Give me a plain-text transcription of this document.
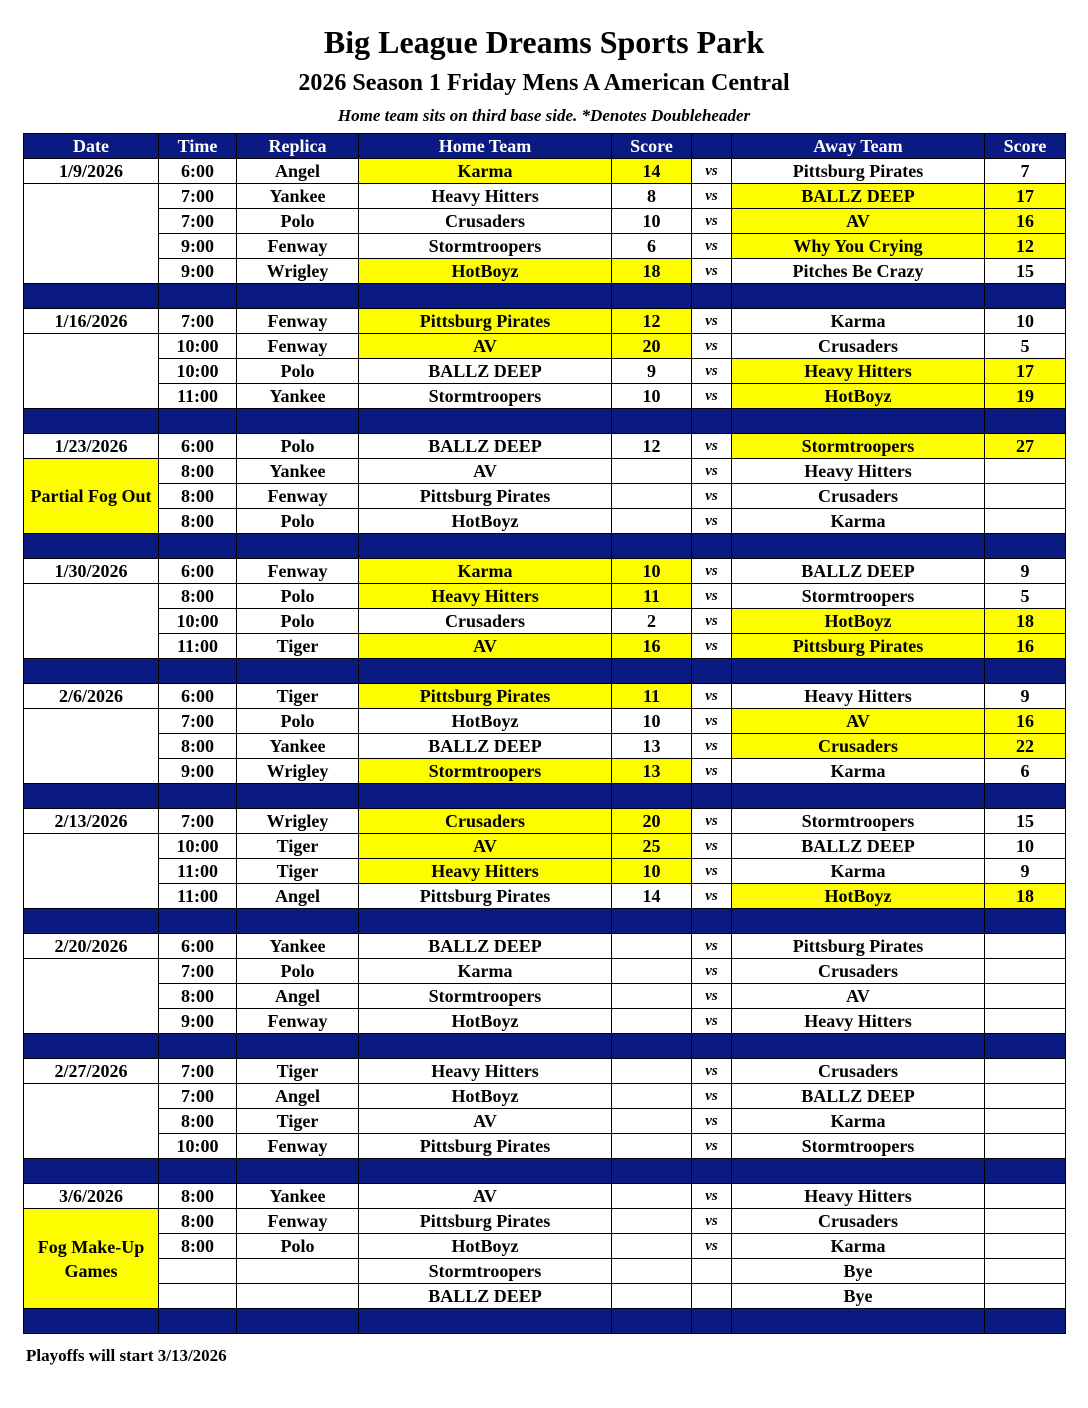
Big League Dreams Sports Park
2026 Season 1 Friday Mens A American Central
Home team sits on third base side. *Denotes Doubleheader
Date	Time	Replica	Home Team	Score		Away Team	Score
1/9/2026	6:00	Angel	Karma	14	vs	Pittsburg Pirates	7
	7:00	Yankee	Heavy Hitters	8	vs	BALLZ DEEP	17
	7:00	Polo	Crusaders	10	vs	AV	16
	9:00	Fenway	Stormtroopers	6	vs	Why You Crying	12
	9:00	Wrigley	HotBoyz	18	vs	Pitches Be Crazy	15

1/16/2026	7:00	Fenway	Pittsburg Pirates	12	vs	Karma	10
	10:00	Fenway	AV	20	vs	Crusaders	5
	10:00	Polo	BALLZ DEEP	9	vs	Heavy Hitters	17
	11:00	Yankee	Stormtroopers	10	vs	HotBoyz	19

1/23/2026	6:00	Polo	BALLZ DEEP	12	vs	Stormtroopers	27
Partial Fog Out	8:00	Yankee	AV		vs	Heavy Hitters	
	8:00	Fenway	Pittsburg Pirates		vs	Crusaders	
	8:00	Polo	HotBoyz		vs	Karma	

1/30/2026	6:00	Fenway	Karma	10	vs	BALLZ DEEP	9
	8:00	Polo	Heavy Hitters	11	vs	Stormtroopers	5
	10:00	Polo	Crusaders	2	vs	HotBoyz	18
	11:00	Tiger	AV	16	vs	Pittsburg Pirates	16

2/6/2026	6:00	Tiger	Pittsburg Pirates	11	vs	Heavy Hitters	9
	7:00	Polo	HotBoyz	10	vs	AV	16
	8:00	Yankee	BALLZ DEEP	13	vs	Crusaders	22
	9:00	Wrigley	Stormtroopers	13	vs	Karma	6

2/13/2026	7:00	Wrigley	Crusaders	20	vs	Stormtroopers	15
	10:00	Tiger	AV	25	vs	BALLZ DEEP	10
	11:00	Tiger	Heavy Hitters	10	vs	Karma	9
	11:00	Angel	Pittsburg Pirates	14	vs	HotBoyz	18

2/20/2026	6:00	Yankee	BALLZ DEEP		vs	Pittsburg Pirates	
	7:00	Polo	Karma		vs	Crusaders	
	8:00	Angel	Stormtroopers		vs	AV	
	9:00	Fenway	HotBoyz		vs	Heavy Hitters	

2/27/2026	7:00	Tiger	Heavy Hitters		vs	Crusaders	
	7:00	Angel	HotBoyz		vs	BALLZ DEEP	
	8:00	Tiger	AV		vs	Karma	
	10:00	Fenway	Pittsburg Pirates		vs	Stormtroopers	

3/6/2026	8:00	Yankee	AV		vs	Heavy Hitters	
Fog Make-Up Games	8:00	Fenway	Pittsburg Pirates		vs	Crusaders	
	8:00	Polo	HotBoyz		vs	Karma	
			Stormtroopers			Bye	
			BALLZ DEEP			Bye	

Playoffs will start 3/13/2026
